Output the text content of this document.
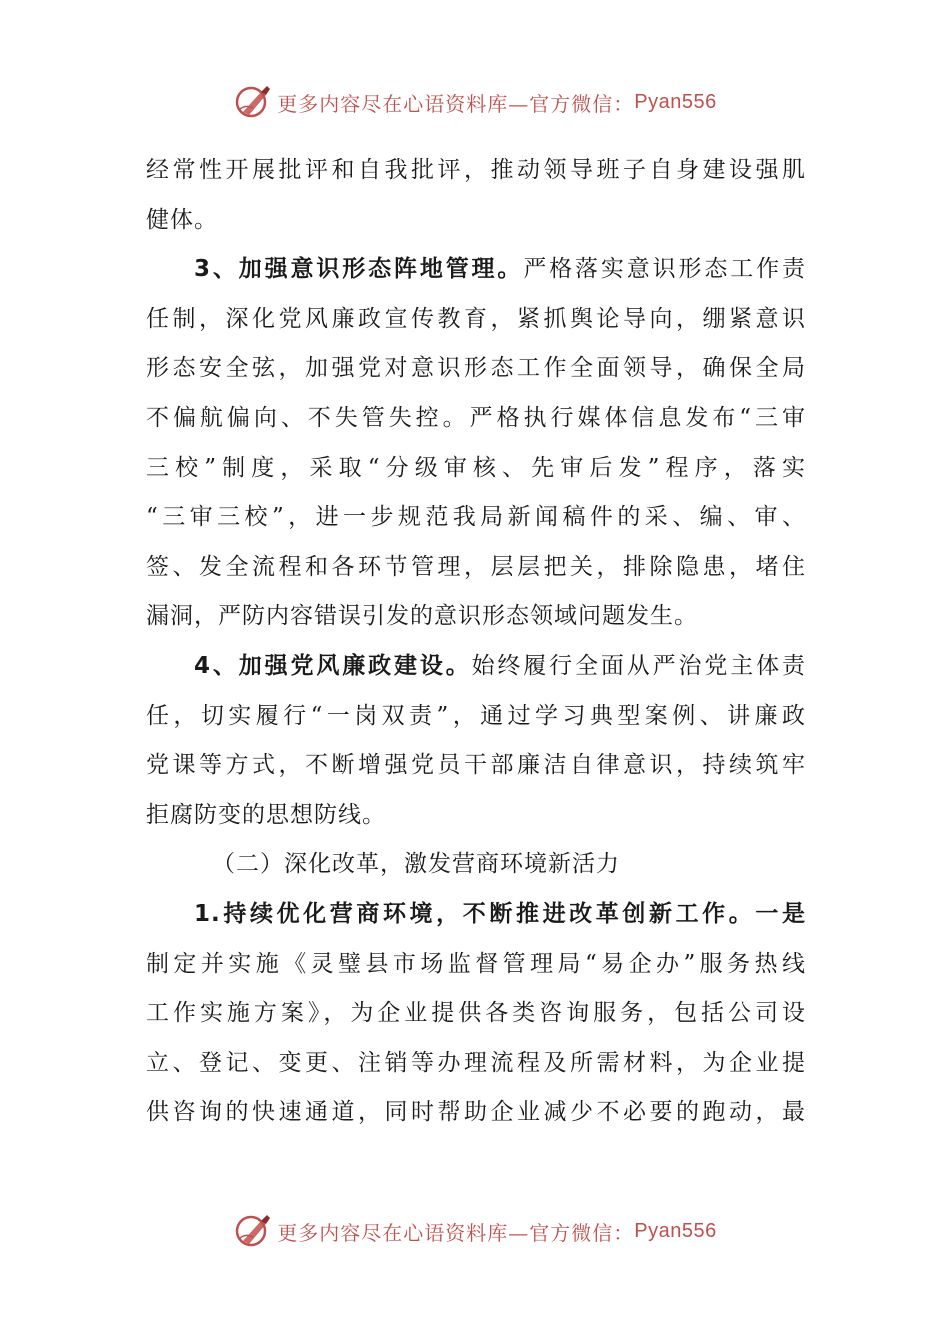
更多内容尽在心语资料库—官方微信： Pyan556
经常性开展批评和自我批评，推动领导班子自身建设强肌
健体。
3、加强意识形态阵地管理。严格落实意识形态工作责
任制，深化党风廉政宣传教育，紧抓舆论导向，绷紧意识
形态安全弦，加强党对意识形态工作全面领导，确保全局
不偏航偏向、不失管失控。严格执行媒体信息发布“三审
三校”制度，采取“分级审核、先审后发”程序，落实
“三审三校”，进一步规范我局新闻稿件的采、编、审、
签、发全流程和各环节管理，层层把关，排除隐患，堵住
漏洞，严防内容错误引发的意识形态领域问题发生。
4、加强党风廉政建设。始终履行全面从严治党主体责
任，切实履行“一岗双责”，通过学习典型案例、讲廉政
党课等方式，不断增强党员干部廉洁自律意识，持续筑牢
拒腐防变的思想防线。
（二）深化改革，激发营商环境新活力
1.持续优化营商环境，不断推进改革创新工作。一是
制定并实施《灵璧县市场监督管理局“易企办”服务热线
工作实施方案》，为企业提供各类咨询服务，包括公司设
立、登记、变更、注销等办理流程及所需材料，为企业提
供咨询的快速通道，同时帮助企业减少不必要的跑动，最
更多内容尽在心语资料库—官方微信： Pyan556
